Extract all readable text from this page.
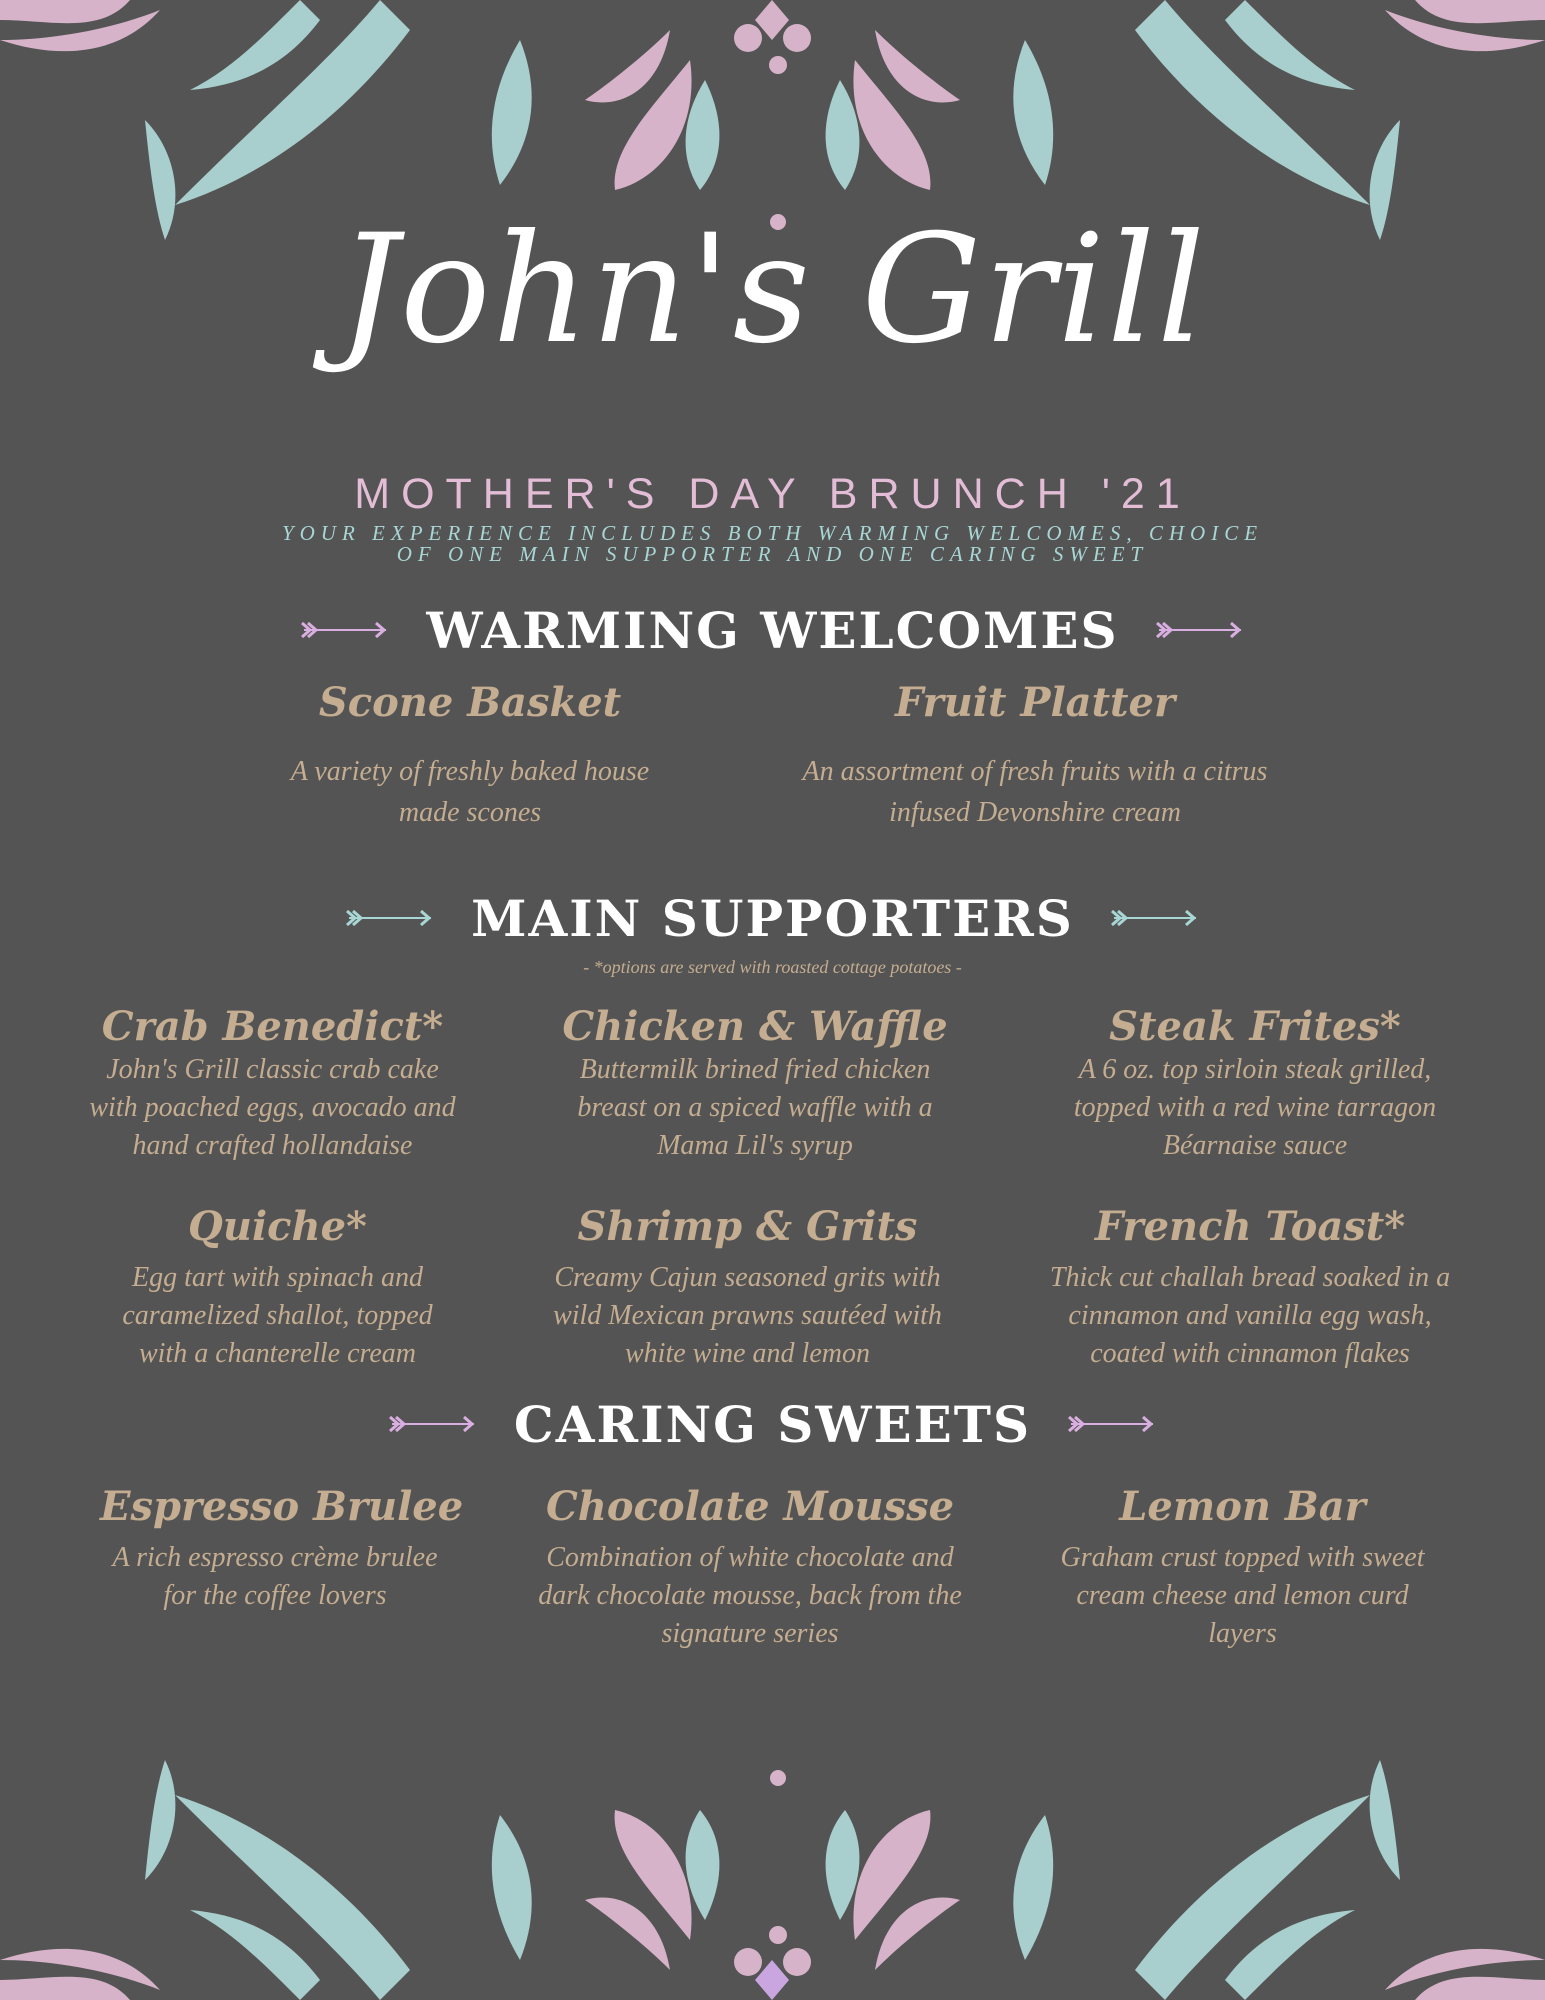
John's Grill
MOTHER'S DAY BRUNCH '21
YOUR EXPERIENCE INCLUDES BOTH WARMING WELCOMES, CHOICE OF ONE MAIN SUPPORTER AND ONE CARING SWEET
WARMING WELCOMES
Scone Basket
A variety of freshly baked house made scones
Fruit Platter
An assortment of fresh fruits with a citrus infused Devonshire cream
MAIN SUPPORTERS
- *options are served with roasted cottage potatoes -
Crab Benedict*
John's Grill classic crab cake with poached eggs, avocado and hand crafted hollandaise
Chicken & Waffle
Buttermilk brined fried chicken breast on a spiced waffle with a Mama Lil's syrup
Steak Frites*
A 6 oz. top sirloin steak grilled, topped with a red wine tarragon Béarnaise sauce
Quiche*
Egg tart with spinach and caramelized shallot, topped with a chanterelle cream
Shrimp & Grits
Creamy Cajun seasoned grits with wild Mexican prawns sautéed with white wine and lemon
French Toast*
Thick cut challah bread soaked in a cinnamon and vanilla egg wash, coated with cinnamon flakes
CARING SWEETS
Espresso Brulee
A rich espresso crème brulee for the coffee lovers
Chocolate Mousse
Combination of white chocolate and dark chocolate mousse, back from the signature series
Lemon Bar
Graham crust topped with sweet cream cheese and lemon curd layers
